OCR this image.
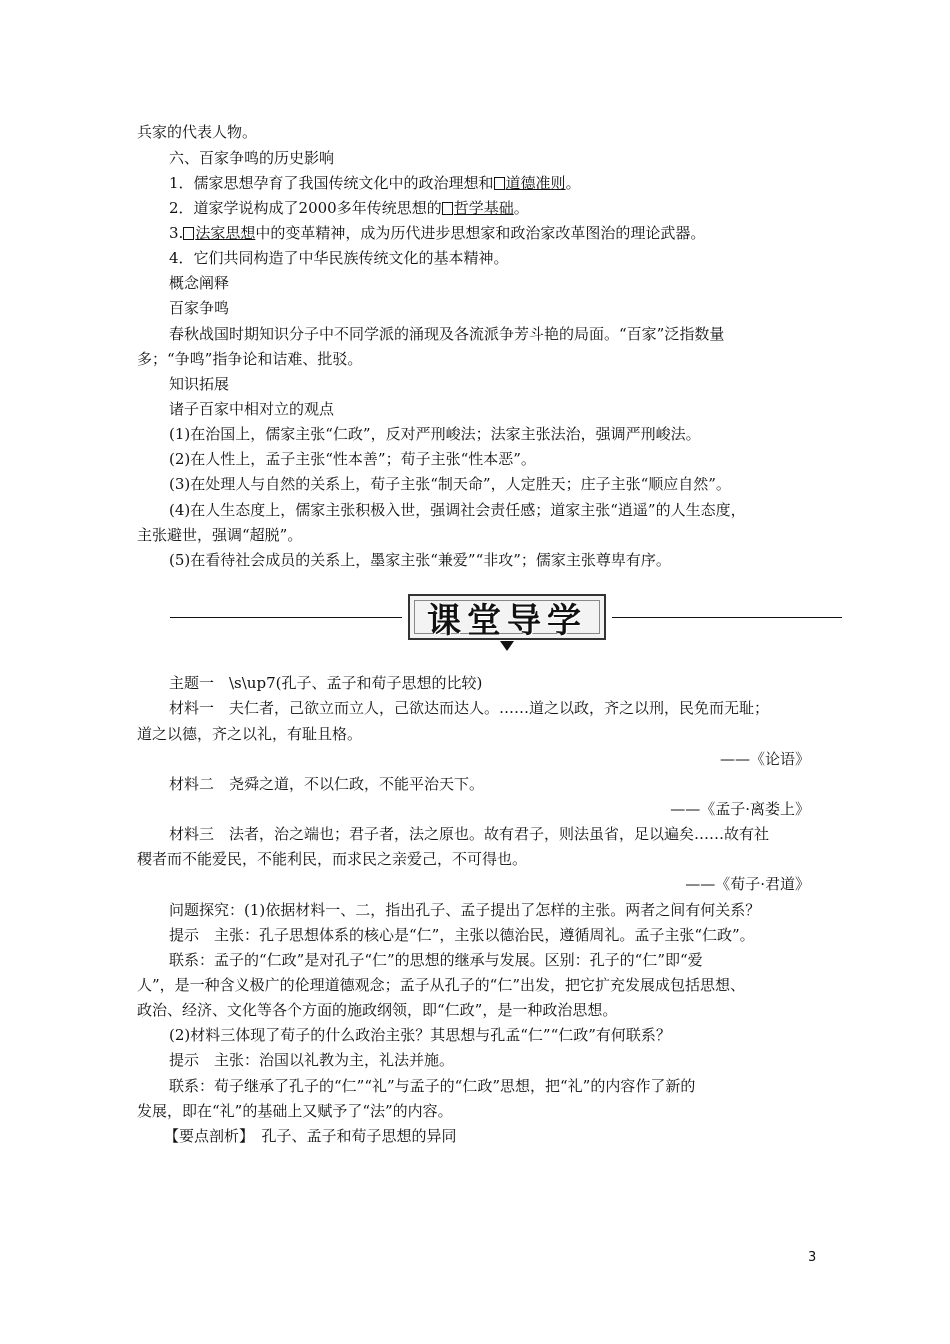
兵家的代表人物。
六、百家争鸣的历史影响
1．儒家思想孕育了我国传统文化中的政治理想和 道德准则。
2．道家学说构成了2000多年传统思想的 哲学基础。
3. 法家思想中的变革精神，成为历代进步思想家和政治家改革图治的理论武器。
4．它们共同构造了中华民族传统文化的基本精神。
概念阐释
百家争鸣
春秋战国时期知识分子中不同学派的涌现及各流派争芳斗艳的局面。“百家”泛指数量
多；“争鸣”指争论和诘难、批驳。
知识拓展
诸子百家中相对立的观点
(1)在治国上，儒家主张“仁政”，反对严刑峻法；法家主张法治，强调严刑峻法。
(2)在人性上，孟子主张“性本善”；荀子主张“性本恶”。
(3)在处理人与自然的关系上，荀子主张“制天命”，人定胜天；庄子主张“顺应自然”。
(4)在人生态度上，儒家主张积极入世，强调社会责任感；道家主张“逍遥”的人生态度，
主张避世，强调“超脱”。
(5)在看待社会成员的关系上，墨家主张“兼爱”“非攻”；儒家主张尊卑有序。
课堂导学
主题一　\s\up7(孔子、孟子和荀子思想的比较)
材料一　夫仁者，己欲立而立人，己欲达而达人。……道之以政，齐之以刑，民免而无耻；
道之以德，齐之以礼，有耻且格。
——《论语》
材料二　尧舜之道，不以仁政，不能平治天下。
——《孟子·离娄上》
材料三　法者，治之端也；君子者，法之原也。故有君子，则法虽省，足以遍矣……故有社
稷者而不能爱民，不能利民，而求民之亲爱己，不可得也。
——《荀子·君道》
问题探究：(1)依据材料一、二，指出孔子、孟子提出了怎样的主张。两者之间有何关系？
提示　主张：孔子思想体系的核心是“仁”，主张以德治民，遵循周礼。孟子主张“仁政”。
联系：孟子的“仁政”是对孔子“仁”的思想的继承与发展。区别：孔子的“仁”即“爱
人”，是一种含义极广的伦理道德观念；孟子从孔子的“仁”出发，把它扩充发展成包括思想、
政治、经济、文化等各个方面的施政纲领，即“仁政”，是一种政治思想。
(2)材料三体现了荀子的什么政治主张？其思想与孔孟“仁”“仁政”有何联系？
提示　主张：治国以礼教为主，礼法并施。
联系：荀子继承了孔子的“仁”“礼”与孟子的“仁政”思想，把“礼”的内容作了新的
发展，即在“礼”的基础上又赋予了“法”的内容。
【要点剖析】　孔子、孟子和荀子思想的异同
3
